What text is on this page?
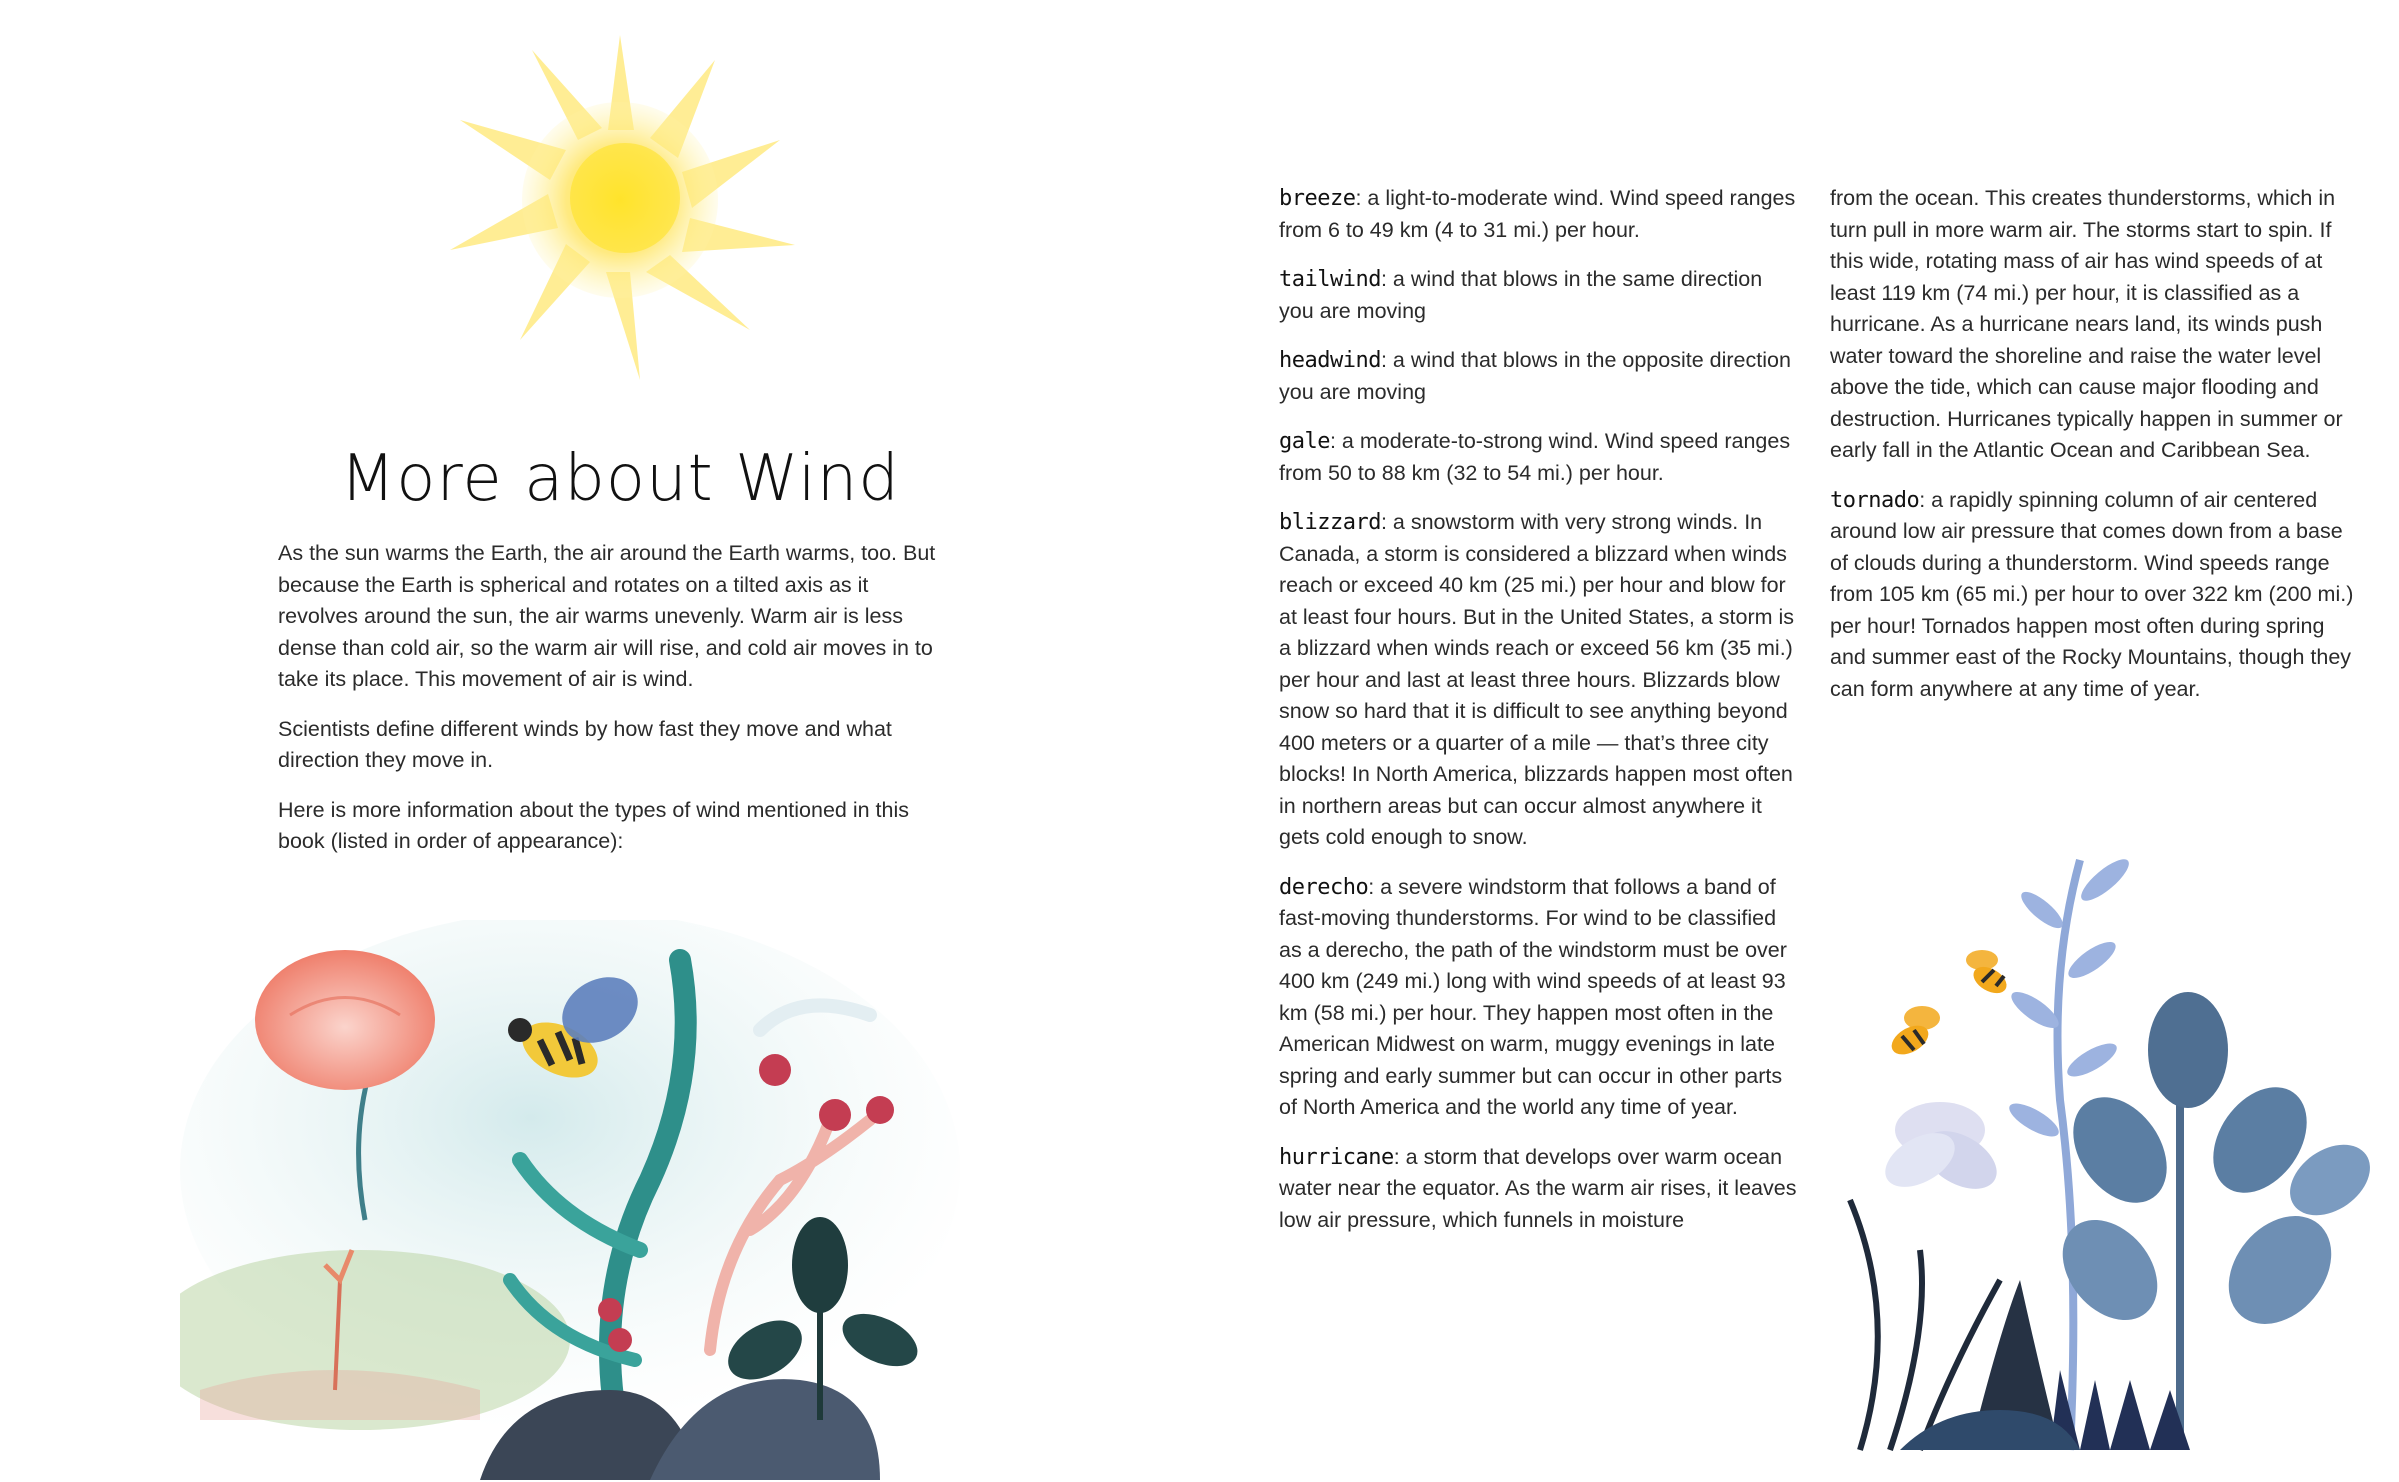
More about Wind

As the sun warms the Earth, the air around the Earth warms, too. But because the Earth is spherical and rotates on a tilted axis as it revolves around the sun, the air warms unevenly. Warm air is less dense than cold air, so the warm air will rise, and cold air moves in to take its place. This movement of air is wind.

Scientists define different winds by how fast they move and what direction they move in.

Here is more information about the types of wind mentioned in this book (listed in order of appearance):

breeze: a light-to-moderate wind. Wind speed ranges from 6 to 49 km (4 to 31 mi.) per hour.

tailwind: a wind that blows in the same direction you are moving

headwind: a wind that blows in the opposite direction you are moving

gale: a moderate-to-strong wind. Wind speed ranges from 50 to 88 km (32 to 54 mi.) per hour.

blizzard: a snowstorm with very strong winds. In Canada, a storm is considered a blizzard when winds reach or exceed 40 km (25 mi.) per hour and blow for at least four hours. But in the United States, a storm is a blizzard when winds reach or exceed 56 km (35 mi.) per hour and last at least three hours. Blizzards blow snow so hard that it is difficult to see anything beyond 400 meters or a quarter of a mile — that’s three city blocks! In North America, blizzards happen most often in northern areas but can occur almost anywhere it gets cold enough to snow.

derecho: a severe windstorm that follows a band of fast-moving thunderstorms. For wind to be classified as a derecho, the path of the windstorm must be over 400 km (249 mi.) long with wind speeds of at least 93 km (58 mi.) per hour. They happen most often in the American Midwest on warm, muggy evenings in late spring and early summer but can occur in other parts of North America and the world any time of year.

hurricane: a storm that develops over warm ocean water near the equator. As the warm air rises, it leaves low air pressure, which funnels in moisture

from the ocean. This creates thunderstorms, which in turn pull in more warm air. The storms start to spin. If this wide, rotating mass of air has wind speeds of at least 119 km (74 mi.) per hour, it is classified as a hurricane. As a hurricane nears land, its winds push water toward the shoreline and raise the water level above the tide, which can cause major flooding and destruction. Hurricanes typically happen in summer or early fall in the Atlantic Ocean and Caribbean Sea.

tornado: a rapidly spinning column of air centered around low air pressure that comes down from a base of clouds during a thunderstorm. Wind speeds range from 105 km (65 mi.) per hour to over 322 km (200 mi.) per hour! Tornados happen most often during spring and summer east of the Rocky Mountains, though they can form anywhere at any time of year.
